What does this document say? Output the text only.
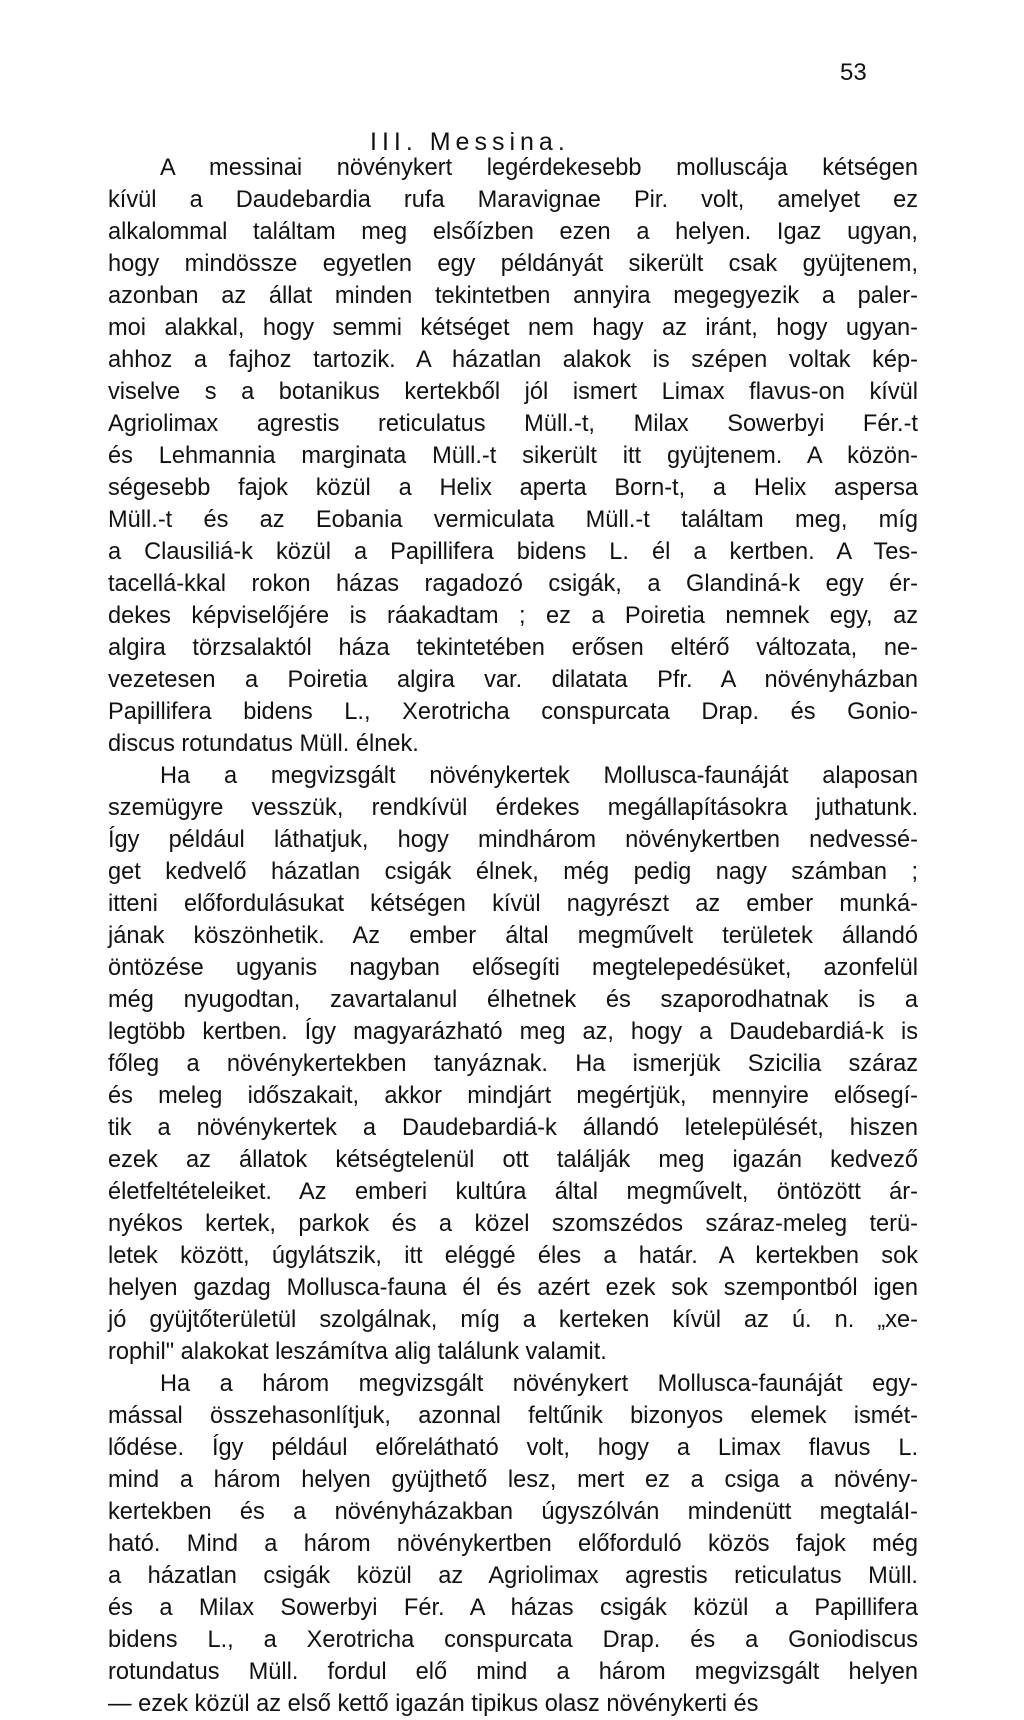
53
III. Messina.
A messinai növénykert legérdekesebb molluscája kétségen
kívül a Daudebardia rufa Maravignae Pir. volt, amelyet ez
alkalommal találtam meg elsőízben ezen a helyen. Igaz ugyan,
hogy mindössze egyetlen egy példányát sikerült csak gyüjtenem,
azonban az állat minden tekintetben annyira megegyezik a paler-
moi alakkal, hogy semmi kétséget nem hagy az iránt, hogy ugyan-
ahhoz a fajhoz tartozik. A házatlan alakok is szépen voltak kép-
viselve s a botanikus kertekből jól ismert Limax flavus-on kívül
Agriolimax agrestis reticulatus Müll.-t, Milax Sowerbyi Fér.-t
és Lehmannia marginata Müll.-t sikerült itt gyüjtenem. A közön-
ségesebb fajok közül a Helix aperta Born-t, a Helix aspersa
Müll.-t és az Eobania vermiculata Müll.-t találtam meg, míg
a Clausiliá-k közül a Papillifera bidens L. él a kertben. A Tes-
tacellá-kkal rokon házas ragadozó csigák, a Glandiná-k egy ér-
dekes képviselőjére is ráakadtam ; ez a Poiretia nemnek egy, az
algira törzsalaktól háza tekintetében erősen eltérő változata, ne-
vezetesen a Poiretia algira var. dilatata Pfr. A növényházban
Papillifera bidens L., Xerotricha conspurcata Drap. és Gonio-
discus rotundatus Müll. élnek.
Ha a megvizsgált növénykertek Mollusca-faunáját alaposan
szemügyre vesszük, rendkívül érdekes megállapításokra juthatunk.
Így például láthatjuk, hogy mindhárom növénykertben nedvessé-
get kedvelő házatlan csigák élnek, még pedig nagy számban ;
itteni előfordulásukat kétségen kívül nagyrészt az ember munká-
jának köszönhetik. Az ember által megművelt területek állandó
öntözése ugyanis nagyban elősegíti megtelepedésüket, azonfelül
még nyugodtan, zavartalanul élhetnek és szaporodhatnak is a
legtöbb kertben. Így magyarázható meg az, hogy a Daudebardiá-k is
főleg a növénykertekben tanyáznak. Ha ismerjük Szicilia száraz
és meleg időszakait, akkor mindjárt megértjük, mennyire elősegí-
tik a növénykertek a Daudebardiá-k állandó letelepülését, hiszen
ezek az állatok kétségtelenül ott találják meg igazán kedvező
életfeltételeiket. Az emberi kultúra által megművelt, öntözött ár-
nyékos kertek, parkok és a közel szomszédos száraz-meleg terü-
letek között, úgylátszik, itt eléggé éles a határ. A kertekben sok
helyen gazdag Mollusca-fauna él és azért ezek sok szempontból igen
jó gyüjtőterületül szolgálnak, míg a kerteken kívül az ú. n. „xe-
rophil" alakokat leszámítva alig találunk valamit.
Ha a három megvizsgált növénykert Mollusca-faunáját egy-
mással összehasonlítjuk, azonnal feltűnik bizonyos elemek ismét-
lődése. Így például előrelátható volt, hogy a Limax flavus L.
mind a három helyen gyüjthető lesz, mert ez a csiga a növény-
kertekben és a növényházakban úgyszólván mindenütt megtaláI-
ható. Mind a három növénykertben előforduló közös fajok még
a házatlan csigák közül az Agriolimax agrestis reticulatus Müll.
és a Milax Sowerbyi Fér. A házas csigák közül a Papillifera
bidens L., a Xerotricha conspurcata Drap. és a Goniodiscus
rotundatus Müll. fordul elő mind a három megvizsgált helyen
— ezek közül az első kettő igazán tipikus olasz növénykerti és
